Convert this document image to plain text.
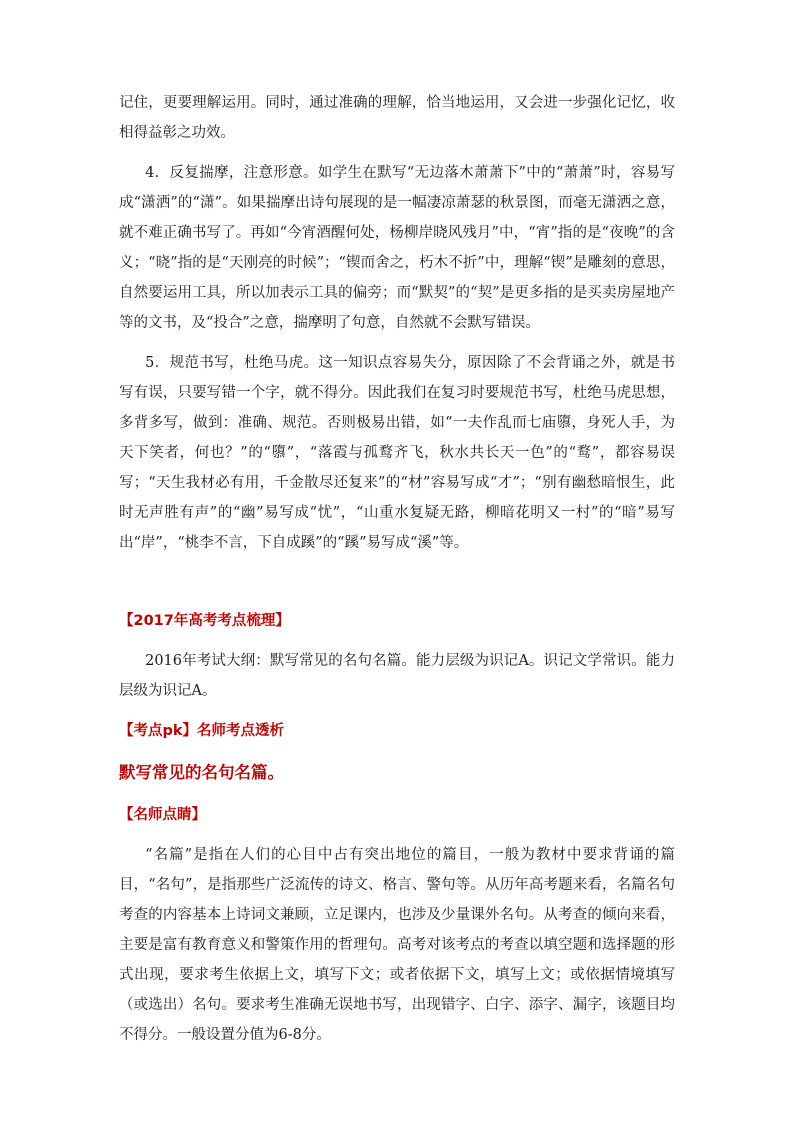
记住，更要理解运用。同时，通过准确的理解，恰当地运用，又会进一步强化记忆，收相得益彰之功效。

4．反复揣摩，注意形意。如学生在默写“无边落木萧萧下”中的“萧萧”时，容易写成“潇洒”的“潇”。如果揣摩出诗句展现的是一幅凄凉萧瑟的秋景图，而毫无潇洒之意，就不难正确书写了。再如“今宵酒醒何处，杨柳岸晓风残月”中，“宵”指的是“夜晚”的含义；“晓”指的是“天刚亮的时候”；“锲而舍之，朽木不折”中，理解“锲”是雕刻的意思，自然要运用工具，所以加表示工具的偏旁；而“默契”的“契”是更多指的是买卖房屋地产等的文书，及“投合”之意，揣摩明了句意，自然就不会默写错误。

5．规范书写，杜绝马虎。这一知识点容易失分，原因除了不会背诵之外，就是书写有误，只要写错一个字，就不得分。因此我们在复习时要规范书写，杜绝马虎思想，多背多写，做到：准确、规范。否则极易出错，如“一夫作乱而七庙隳，身死人手，为天下笑者，何也？”的“隳”，“落霞与孤鹜齐飞，秋水共长天一色”的“鹜”，都容易误写；“天生我材必有用，千金散尽还复来”的“材”容易写成“才”；“别有幽愁暗恨生，此时无声胜有声”的“幽”易写成“忧”，“山重水复疑无路，柳暗花明又一村”的“暗”易写出“岸”，“桃李不言，下自成蹊”的“蹊”易写成“溪”等。

【2017年高考考点梳理】

2016年考试大纲：默写常见的名句名篇。能力层级为识记A。识记文学常识。能力层级为识记A。

【考点pk】名师考点透析
默写常见的名句名篇。
【名师点睛】

“名篇”是指在人们的心目中占有突出地位的篇目，一般为教材中要求背诵的篇目，“名句”，是指那些广泛流传的诗文、格言、警句等。从历年高考题来看，名篇名句考查的内容基本上诗词文兼顾，立足课内，也涉及少量课外名句。从考查的倾向来看，主要是富有教育意义和警策作用的哲理句。高考对该考点的考查以填空题和选择题的形式出现，要求考生依据上文，填写下文；或者依据下文，填写上文；或依据情境填写（或选出）名句。要求考生准确无误地书写，出现错字、白字、添字、漏字，该题目均不得分。一般设置分值为6-8分。
